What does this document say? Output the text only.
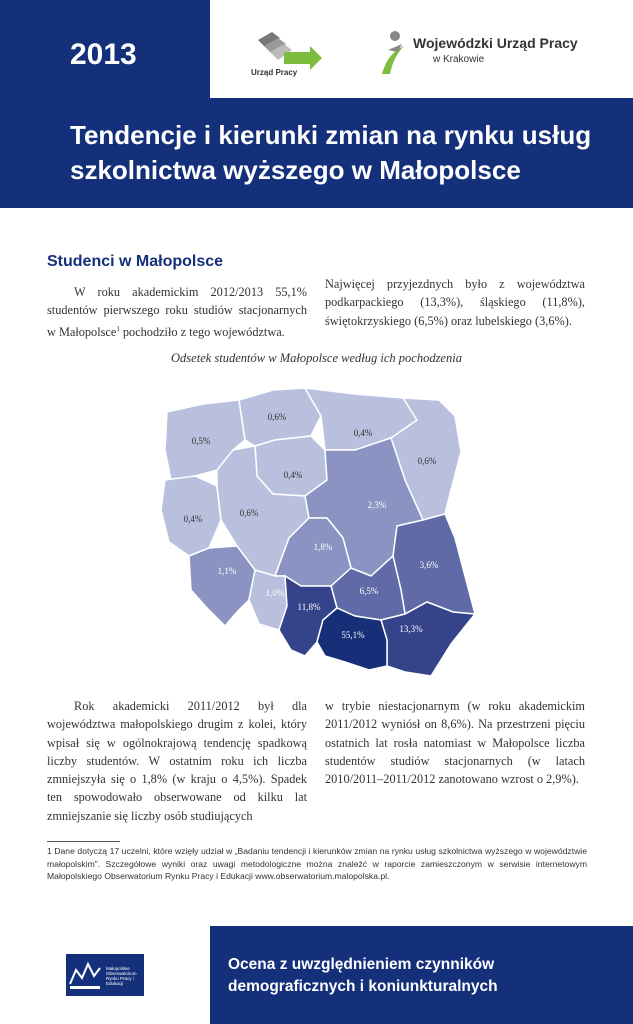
2013
Urząd Pracy
Wojewódzki Urząd Pracy
w Krakowie
Tendencje i kierunki zmian na rynku usług
szkolnictwa wyższego w Małopolsce
Studenci w Małopolsce
W roku akademickim 2012/2013 55,1% studentów pierwszego roku studiów stacjonarnych w Małopolsce$^1$ pochodziło z tego województwa.
Najwięcej przyjezdnych było z województwa podkarpackiego (13,3%), śląskiego (11,8%), świętokrzyskiego (6,5%) oraz lubelskiego (3,6%).
Odsetek studentów w Małopolsce według ich pochodzenia
0,5%
0,6%
0,4%
0,6%
0,4%
0,4%
0,6%
2,3%
1,8%
1,1%
1,0%
3,6%
6,5%
11,8%
13,3%
55,1%
Rok akademicki 2011/2012 był dla województwa małopolskiego drugim z kolei, który wpisał się w ogólnokrajową tendencję spadkową liczby studentów. W ostatnim roku ich liczba zmniejszyła się o 1,8% (w kraju o 4,5%). Spadek ten spowodowało obserwowane od kilku lat zmniejszanie się liczby osób studiujących
w trybie niestacjonarnym (w roku akademickim 2011/2012 wyniósł on 8,6%). Na przestrzeni pięciu ostatnich lat rosła natomiast w Małopolsce liczba studentów studiów stacjonarnych (w latach 2010/2011–2011/2012 zanotowano wzrost o 2,9%).
1 Dane dotyczą 17 uczelni, które wzięły udział w „Badaniu tendencji i kierunków zmian na rynku usług szkolnictwa wyższego w województwie małopolskim”. Szczegółowe wyniki oraz uwagi metodologiczne można znaleźć w raporcie zamieszczonym w serwisie internetowym Małopolskiego Obserwatorium Rynku Pracy i Edukacji www.obserwatorium.malopolska.pl.
Małopolskie Obserwatorium Rynku Pracy i Edukacji
Ocena z uwzględnieniem czynników
demograficznych i koniunkturalnych
